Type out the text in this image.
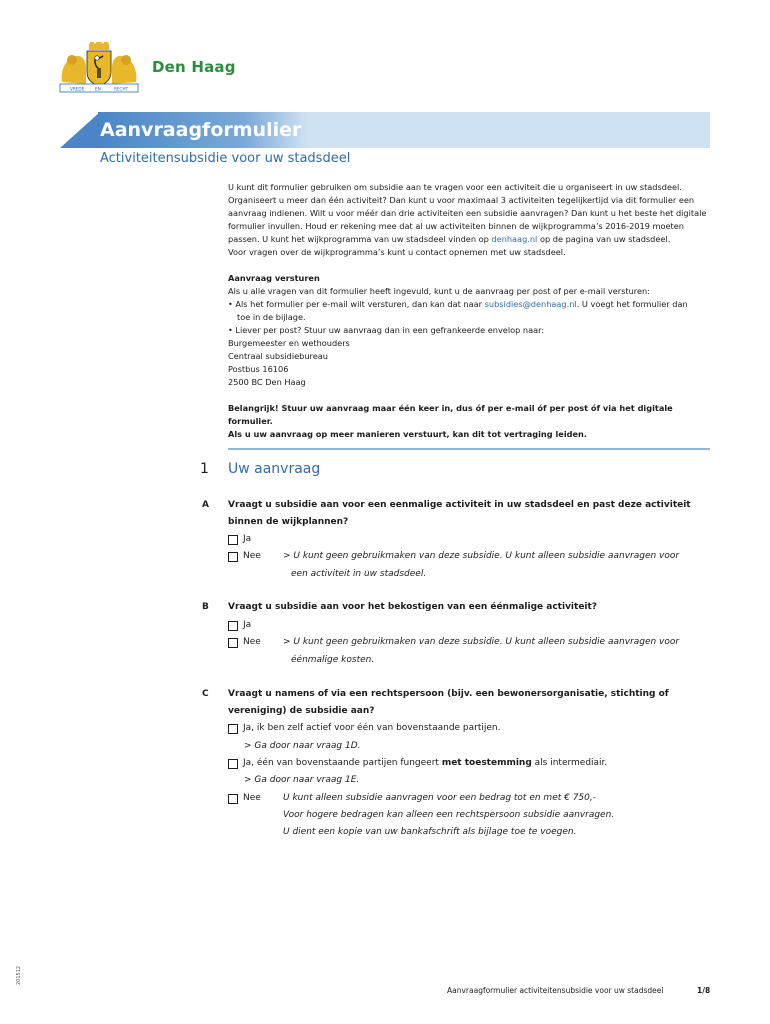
VREDE	EN	RECHT
Den Haag
Aanvraagformulier
Activiteitensubsidie voor uw stadsdeel

U kunt dit formulier gebruiken om subsidie aan te vragen voor een activiteit die u organiseert in uw stadsdeel.

Organiseert u meer dan één activiteit? Dan kunt u voor maximaal 3 activiteiten tegelijkertijd via dit formulier een

aanvraag indienen. Wilt u voor méér dan drie activiteiten een subsidie aanvragen? Dan kunt u het beste het digitale

formulier invullen. Houd er rekening mee dat al uw activiteiten binnen de wijkprogramma’s 2016-2019 moeten

passen. U kunt het wijkprogramma van uw stadsdeel vinden op denhaag.nl op de pagina van uw stadsdeel.

Voor vragen over de wijkprogramma’s kunt u contact opnemen met uw stadsdeel.

Aanvraag versturen

Als u alle vragen van dit formulier heeft ingevuld, kunt u de aanvraag per post of per e-mail versturen:

• Als het formulier per e-mail wilt versturen, dan kan dat naar subsidies@denhaag.nl. U voegt het formulier dan

toe in de bijlage.

• Liever per post? Stuur uw aanvraag dan in een gefrankeerde envelop naar:

Burgemeester en wethouders

Centraal subsidiebureau

Postbus 16106

2500 BC Den Haag

Belangrijk! Stuur uw aanvraag maar één keer in, dus óf per e-mail óf per post óf via het digitale formulier.

Als u uw aanvraag op meer manieren verstuurt, kan dit tot vertraging leiden.

1 Uw aanvraag
A Vraagt u subsidie aan voor een eenmalige activiteit in uw stadsdeel en past deze activiteit binnen de wijkplannen?
Ja
Nee > U kunt geen gebruikmaken van deze subsidie. U kunt alleen subsidie aanvragen voor
een activiteit in uw stadsdeel.
B Vraagt u subsidie aan voor het bekostigen van een éénmalige activiteit?
Ja
Nee > U kunt geen gebruikmaken van deze subsidie. U kunt alleen subsidie aanvragen voor
éénmalige kosten.
C Vraagt u namens of via een rechtspersoon (bijv. een bewonersorganisatie, stichting of vereniging) de subsidie aan?
Ja, ik ben zelf actief voor één van bovenstaande partijen.
> Ga door naar vraag 1D.
Ja, één van bovenstaande partijen fungeert met toestemming als intermediair.
> Ga door naar vraag 1E.
Nee U kunt alleen subsidie aanvragen voor een bedrag tot en met € 750,-
Voor hogere bedragen kan alleen een rechtspersoon subsidie aanvragen.
U dient een kopie van uw bankafschrift als bijlage toe te voegen.
201512
Aanvraagformulier activiteitensubsidie voor uw stadsdeel	1/8
